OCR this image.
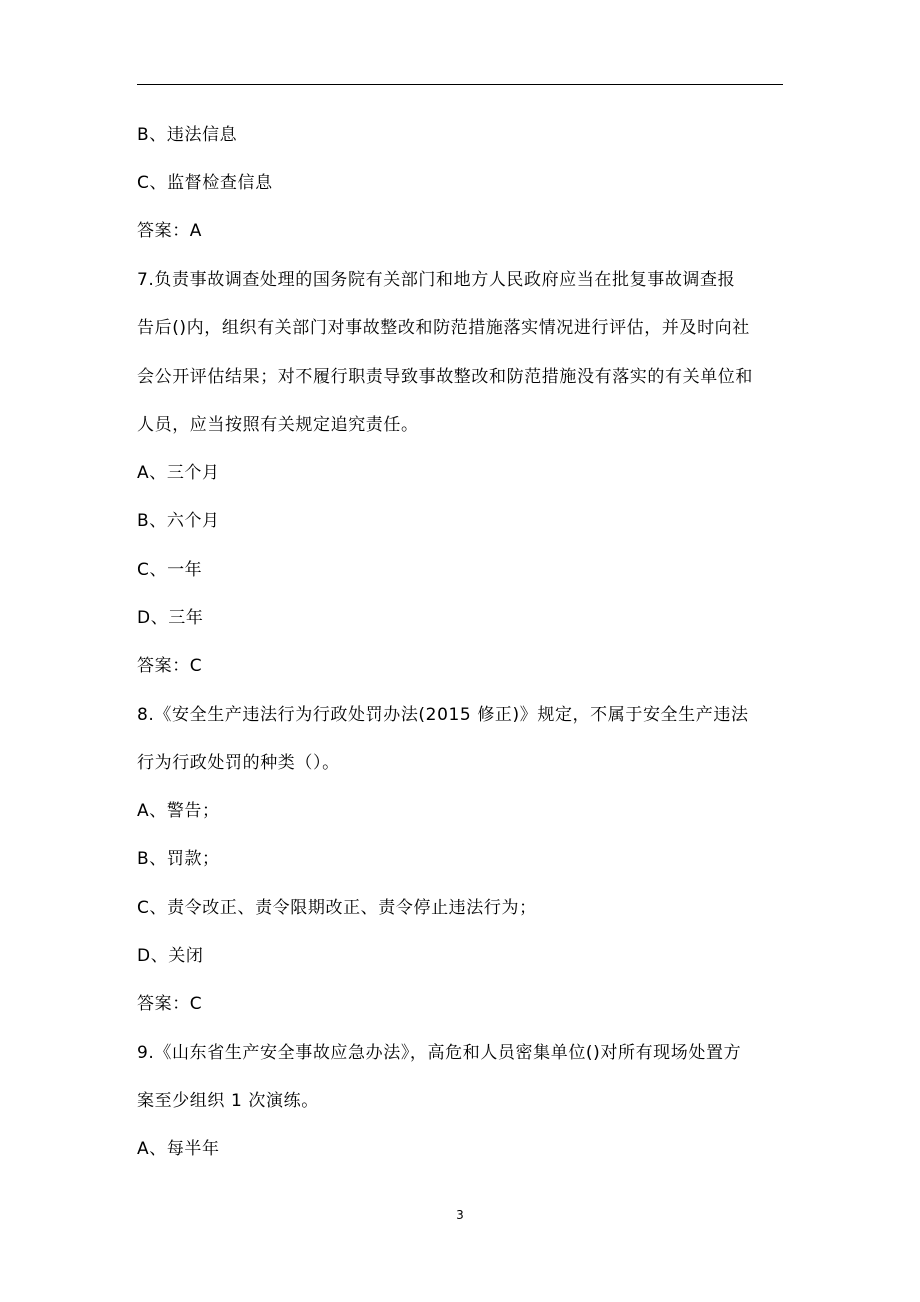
B、违法信息
C、监督检查信息
答案：A
7.负责事故调查处理的国务院有关部门和地方人民政府应当在批复事故调查报
告后()内，组织有关部门对事故整改和防范措施落实情况进行评估，并及时向社
会公开评估结果；对不履行职责导致事故整改和防范措施没有落实的有关单位和
人员，应当按照有关规定追究责任。
A、三个月
B、六个月
C、一年
D、三年
答案：C
8.《安全生产违法行为行政处罚办法(2015 修正)》规定，不属于安全生产违法
行为行政处罚的种类（）。
A、警告；
B、罚款；
C、责令改正、责令限期改正、责令停止违法行为；
D、关闭
答案：C
9.《山东省生产安全事故应急办法》，高危和人员密集单位()对所有现场处置方
案至少组织 1 次演练。
A、每半年
3
